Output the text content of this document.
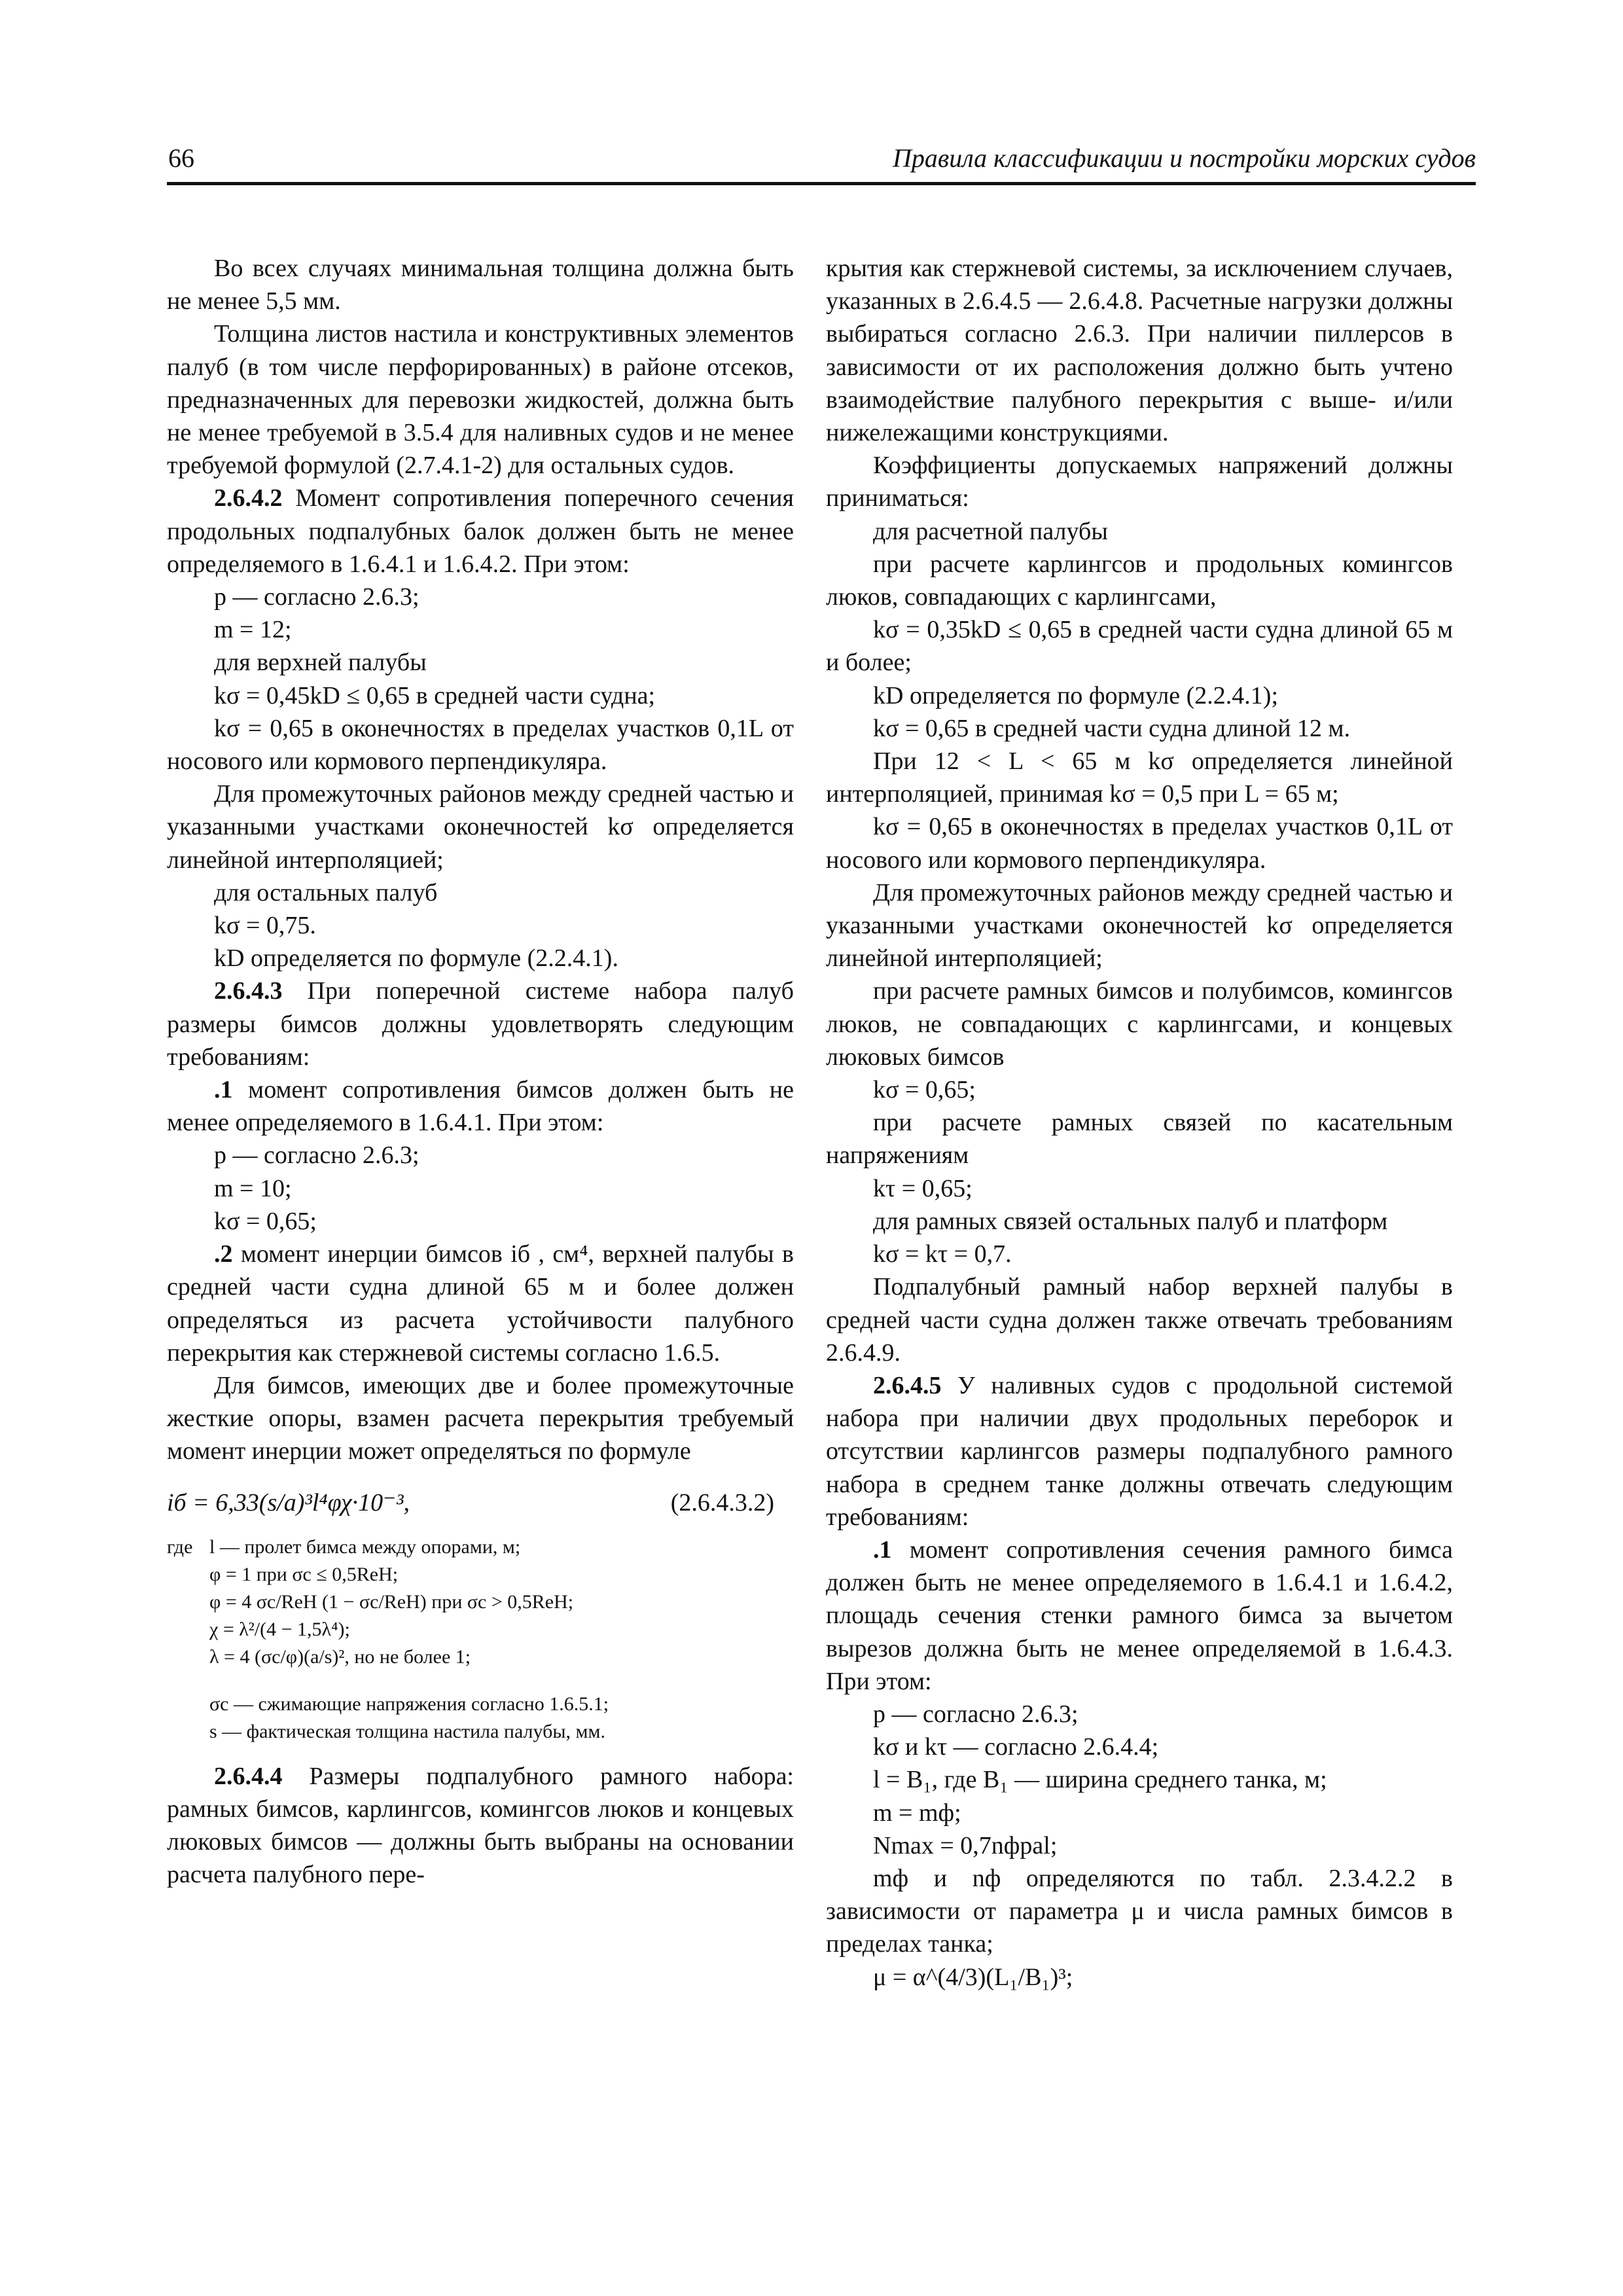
66	Правила классификации и постройки морских судов

Во всех случаях минимальная толщина должна быть не менее 5,5 мм.

Толщина листов настила и конструктивных элементов палуб (в том числе перфорированных) в районе отсеков, предназначенных для перевозки жидкостей, должна быть не менее требуемой в 3.5.4 для наливных судов и не менее требуемой формулой (2.7.4.1-2) для остальных судов.

2.6.4.2 Момент сопротивления поперечного сечения продольных подпалубных балок должен быть не менее определяемого в 1.6.4.1 и 1.6.4.2. При этом:

p — согласно 2.6.3;

m = 12;

для верхней палубы

kσ = 0,45kD ≤ 0,65 в средней части судна;

kσ = 0,65 в оконечностях в пределах участков 0,1L от носового или кормового перпендикуляра.

Для промежуточных районов между средней частью и указанными участками оконечностей kσ определяется линейной интерполяцией;

для остальных палуб

kσ = 0,75.

kD определяется по формуле (2.2.4.1).

2.6.4.3 При поперечной системе набора палуб размеры бимсов должны удовлетворять следующим требованиям:

.1 момент сопротивления бимсов должен быть не менее определяемого в 1.6.4.1. При этом:

p — согласно 2.6.3;

m = 10;

kσ = 0,65;

.2 момент инерции бимсов iб , см⁴, верхней палубы в средней части судна длиной 65 м и более должен определяться из расчета устойчивости палубного перекрытия как стержневой системы согласно 1.6.5.

Для бимсов, имеющих две и более промежуточные жесткие опоры, взамен расчета перекрытия требуемый момент инерции может определяться по формуле

iб = 6,33(s/a)³l⁴φχ·10⁻³,	(2.6.4.3.2)
где l — пролет бимса между опорами, м;
φ = 1 при σc ≤ 0,5ReH;
φ = 4 σc/ReH (1 − σc/ReH) при σc > 0,5ReH;
χ = λ²/(4 − 1,5λ⁴);
λ = 4 (σc/φ)(a/s)², но не более 1;
σc — сжимающие напряжения согласно 1.6.5.1;
s — фактическая толщина настила палубы, мм.

2.6.4.4 Размеры подпалубного рамного набора: рамных бимсов, карлингсов, комингсов люков и концевых люковых бимсов — должны быть выбраны на основании расчета палубного пере-

крытия как стержневой системы, за исключением случаев, указанных в 2.6.4.5 — 2.6.4.8. Расчетные нагрузки должны выбираться согласно 2.6.3. При наличии пиллерсов в зависимости от их расположения должно быть учтено взаимодействие палубного перекрытия с выше- и/или нижележащими конструкциями.

Коэффициенты допускаемых напряжений должны приниматься:

для расчетной палубы

при расчете карлингсов и продольных комингсов люков, совпадающих с карлингсами,

kσ = 0,35kD ≤ 0,65 в средней части судна длиной 65 м и более;

kD определяется по формуле (2.2.4.1);

kσ = 0,65 в средней части судна длиной 12 м.

При 12 < L < 65 м kσ определяется линейной интерполяцией, принимая kσ = 0,5 при L = 65 м;

kσ = 0,65 в оконечностях в пределах участков 0,1L от носового или кормового перпендикуляра.

Для промежуточных районов между средней частью и указанными участками оконечностей kσ определяется линейной интерполяцией;

при расчете рамных бимсов и полубимсов, комингсов люков, не совпадающих с карлингсами, и концевых люковых бимсов

kσ = 0,65;

при расчете рамных связей по касательным напряжениям

kτ = 0,65;

для рамных связей остальных палуб и платформ

kσ = kτ = 0,7.

Подпалубный рамный набор верхней палубы в средней части судна должен также отвечать требованиям 2.6.4.9.

2.6.4.5 У наливных судов с продольной системой набора при наличии двух продольных переборок и отсутствии карлингсов размеры подпалубного рамного набора в среднем танке должны отвечать следующим требованиям:

.1 момент сопротивления сечения рамного бимса должен быть не менее определяемого в 1.6.4.1 и 1.6.4.2, площадь сечения стенки рамного бимса за вычетом вырезов должна быть не менее определяемой в 1.6.4.3. При этом:

p — согласно 2.6.3;

kσ и kτ — согласно 2.6.4.4;

l = B₁, где B₁ — ширина среднего танка, м;

m = mф;

Nmax = 0,7nфpal;

mф и nф определяются по табл. 2.3.4.2.2 в зависимости от параметра μ и числа рамных бимсов в пределах танка;

μ = α^(4/3)(L₁/B₁)³;
